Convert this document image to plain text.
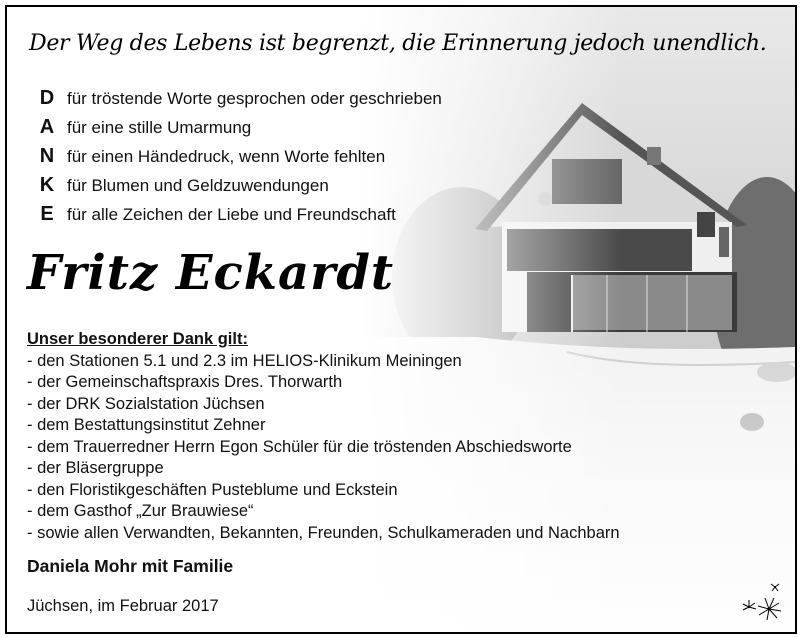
Der Weg des Lebens ist begrenzt, die Erinnerung jedoch unendlich.
D für tröstende Worte gesprochen oder geschrieben
A für eine stille Umarmung
N für einen Händedruck, wenn Worte fehlten
K für Blumen und Geldzuwendungen
E für alle Zeichen der Liebe und Freundschaft
Fritz Eckardt
Unser besonderer Dank gilt:
- den Stationen 5.1 und 2.3 im HELIOS-Klinikum Meiningen
- der Gemeinschaftspraxis Dres. Thorwarth
- der DRK Sozialstation Jüchsen
- dem Bestattungsinstitut Zehner
- dem Trauerredner Herrn Egon Schüler für die tröstenden Abschiedsworte
- der Bläsergruppe
- den Floristikgeschäften Pusteblume und Eckstein
- dem Gasthof „Zur Brauwiese“
- sowie allen Verwandten, Bekannten, Freunden, Schulkameraden und Nachbarn
Daniela Mohr mit Familie
Jüchsen, im Februar 2017
